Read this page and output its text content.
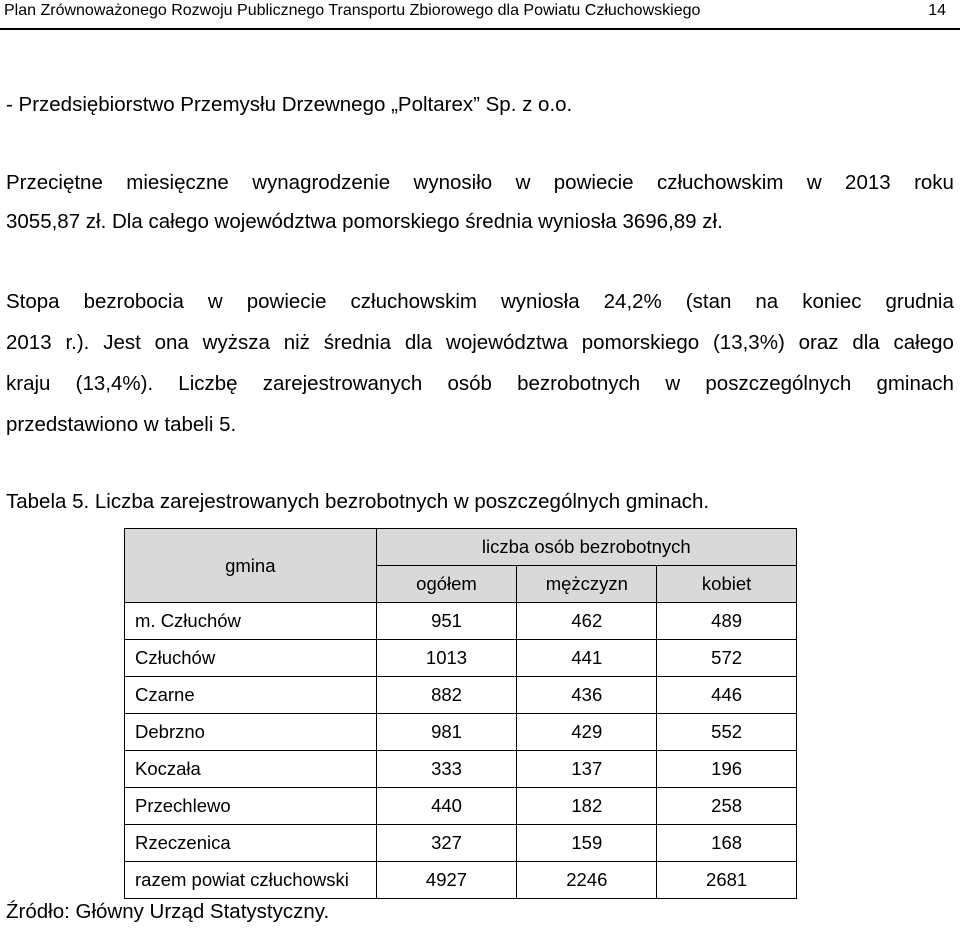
Plan Zrównoważonego Rozwoju Publicznego Transportu Zbiorowego dla Powiatu Człuchowskiego	14
- Przedsiębiorstwo Przemysłu Drzewnego „Poltarex” Sp. z o.o.
Przeciętne miesięczne wynagrodzenie wynosiło w powiecie człuchowskim w 2013 roku
3055,87 zł. Dla całego województwa pomorskiego średnia wyniosła 3696,89 zł.
Stopa bezrobocia w powiecie człuchowskim wyniosła 24,2% (stan na koniec grudnia
2013 r.). Jest ona wyższa niż średnia dla województwa pomorskiego (13,3%) oraz dla całego
kraju (13,4%). Liczbę zarejestrowanych osób bezrobotnych w poszczególnych gminach
przedstawiono w tabeli 5.
Tabela 5. Liczba zarejestrowanych bezrobotnych w poszczególnych gminach.
gmina	liczba osób bezrobotnych		
	ogółem	mężczyzn	kobiet
m. Człuchów	951	462	489
Człuchów	1013	441	572
Czarne	882	436	446
Debrzno	981	429	552
Koczała	333	137	196
Przechlewo	440	182	258
Rzeczenica	327	159	168
razem powiat człuchowski	4927	2246	2681
Źródło: Główny Urząd Statystyczny.
